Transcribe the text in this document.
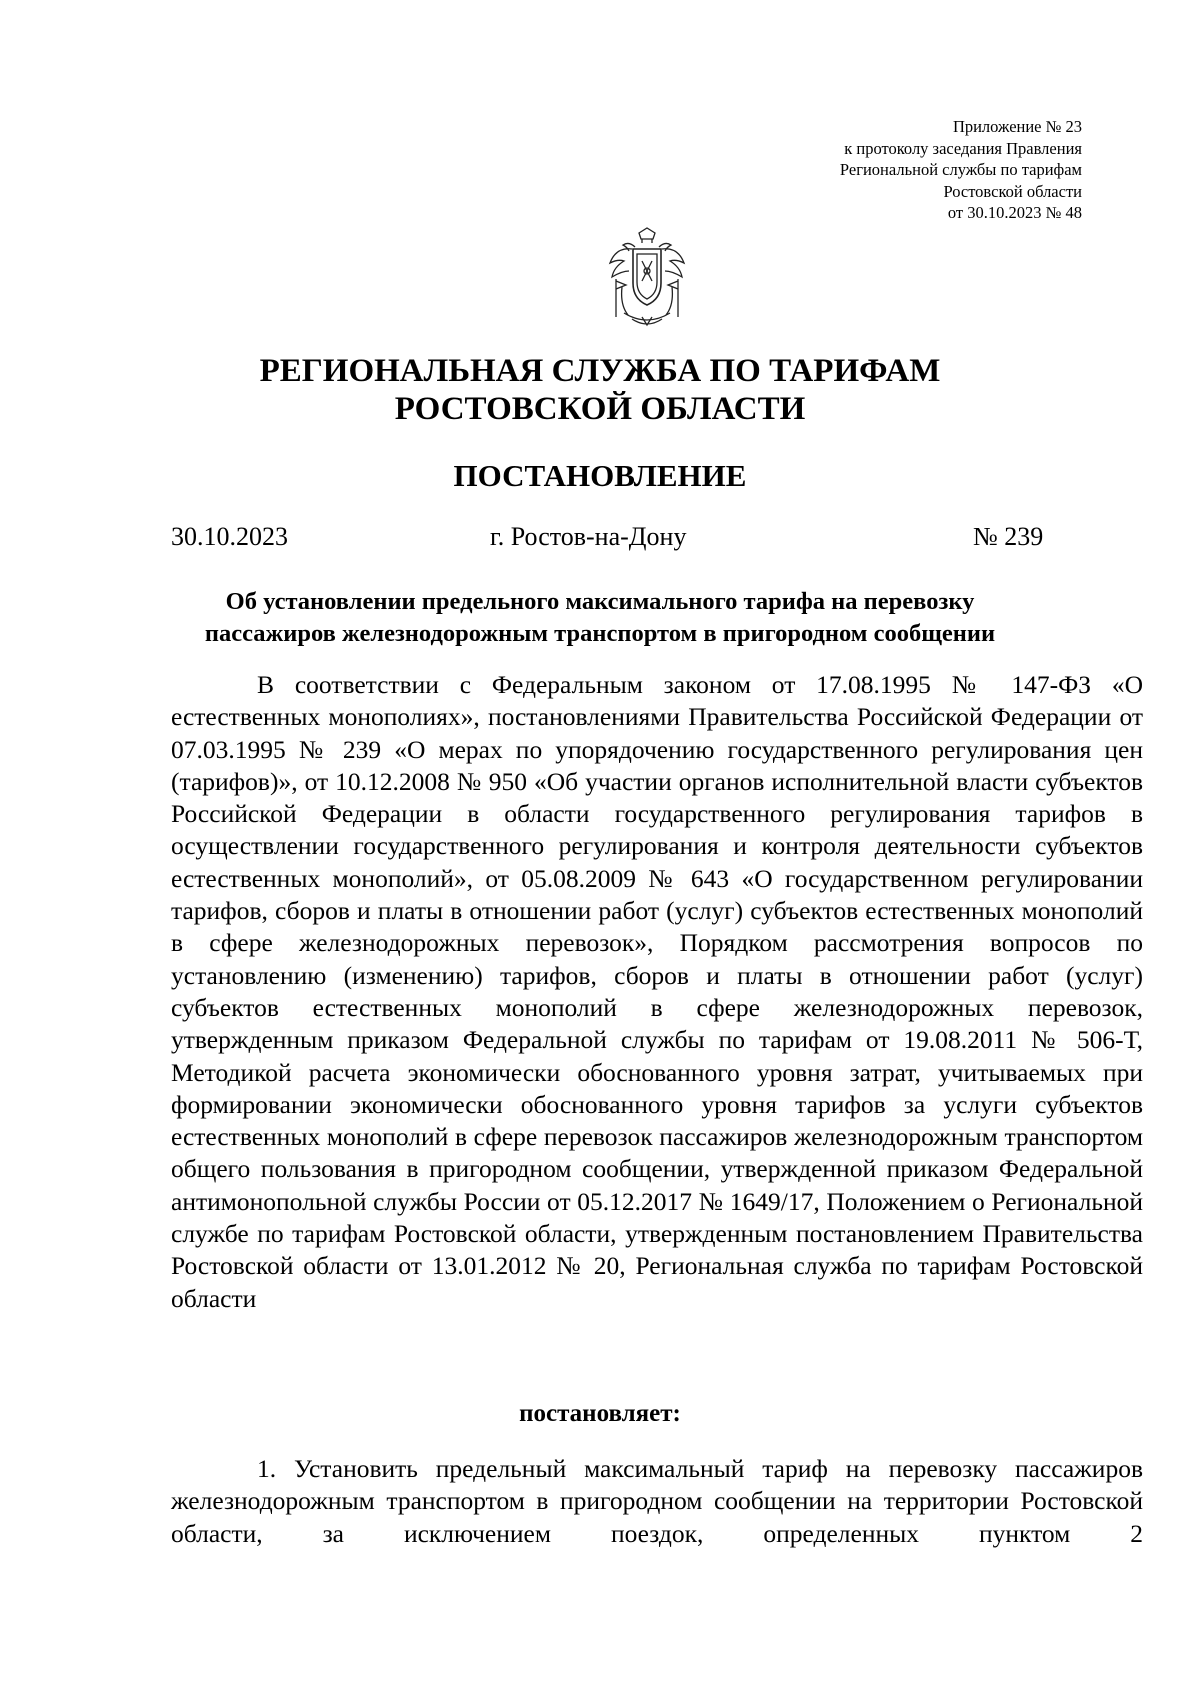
Приложение № 23
к протоколу заседания Правления
Региональной службы по тарифам
Ростовской области
от 30.10.2023 № 48
РЕГИОНАЛЬНАЯ СЛУЖБА ПО ТАРИФАМ
РОСТОВСКОЙ ОБЛАСТИ
ПОСТАНОВЛЕНИЕ
30.10.2023	г. Ростов-на-Дону	№ 239
Об установлении предельного максимального тарифа на перевозку
пассажиров железнодорожным транспортом в пригородном сообщении
В соответствии с Федеральным законом от 17.08.1995 № 147-ФЗ «О естественных монополиях», постановлениями Правительства Российской Федерации от 07.03.1995 № 239 «О мерах по упорядочению государственного регулирования цен (тарифов)», от 10.12.2008 № 950 «Об участии органов исполнительной власти субъектов Российской Федерации в области государственного регулирования тарифов в осуществлении государственного регулирования и контроля деятельности субъектов естественных монополий», от 05.08.2009 № 643 «О государственном регулировании тарифов, сборов и платы в отношении работ (услуг) субъектов естественных монополий в сфере железнодорожных перевозок», Порядком рассмотрения вопросов по установлению (изменению) тарифов, сборов и платы в отношении работ (услуг) субъектов естественных монополий в сфере железнодорожных перевозок, утвержденным приказом Федеральной службы по тарифам от 19.08.2011 № 506-Т, Методикой расчета экономически обоснованного уровня затрат, учитываемых при формировании экономически обоснованного уровня тарифов за услуги субъектов естественных монополий в сфере перевозок пассажиров железнодорожным транспортом общего пользования в пригородном сообщении, утвержденной приказом Федеральной антимонопольной службы России от 05.12.2017 № 1649/17, Положением о Региональной службе по тарифам Ростовской области, утвержденным постановлением Правительства Ростовской области от 13.01.2012 № 20, Региональная служба по тарифам Ростовской области
постановляет:
1. Установить предельный максимальный тариф на перевозку пассажиров железнодорожным транспортом в пригородном сообщении на территории Ростовской области, за исключением поездок, определенных пунктом 2
